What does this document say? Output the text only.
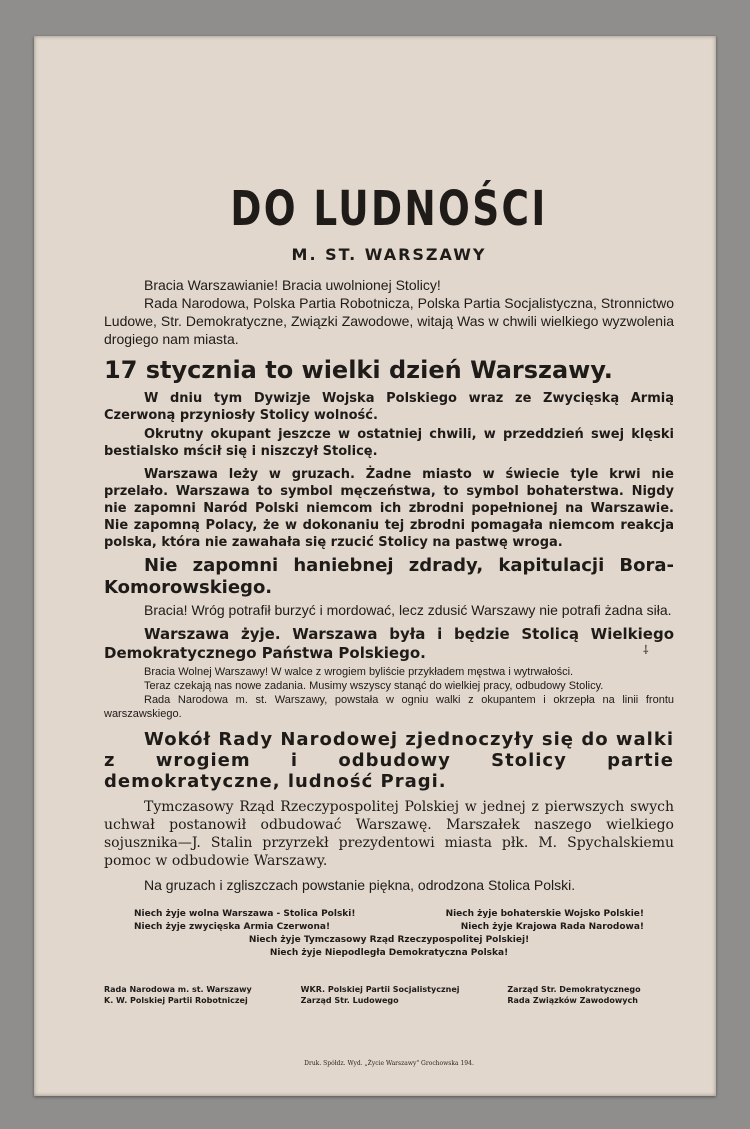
⸸
DO LUDNOŚCI
M. ST. WARSZAWY

Bracia Warszawianie! Bracia uwolnionej Stolicy!

Rada Narodowa, Polska Partia Robotnicza, Polska Partia Socjalistyczna, Stronnictwo Ludowe, Str. Demokratyczne, Związki Zawodowe, witają Was w chwili wielkiego wyzwolenia drogiego nam miasta.

17 stycznia to wielki dzień Warszawy.

W dniu tym Dywizje Wojska Polskiego wraz ze Zwycięską Armią Czerwoną przyniosły Stolicy wolność.

Okrutny okupant jeszcze w ostatniej chwili, w przeddzień swej klęski bestialsko mścił się i niszczył Stolicę.

Warszawa leży w gruzach. Żadne miasto w świecie tyle krwi nie przelało. Warszawa to symbol męczeństwa, to symbol bohaterstwa. Nigdy nie zapomni Naród Polski niemcom ich zbrodni popełnionej na Warszawie. Nie zapomną Polacy, że w dokonaniu tej zbrodni pomagała niemcom reakcja polska, która nie zawahała się rzucić Stolicy na pastwę wroga.

Nie zapomni haniebnej zdrady, kapitulacji Bora-Komorowskiego.

Bracia! Wróg potrafił burzyć i mordować, lecz zdusić Warszawy nie potrafi żadna siła.

Warszawa żyje. Warszawa była i będzie Stolicą Wielkiego Demokratycznego Państwa Polskiego.

Bracia Wolnej Warszawy! W walce z wrogiem byliście przykładem męstwa i wytrwałości.

Teraz czekają nas nowe zadania. Musimy wszyscy stanąć do wielkiej pracy, odbudowy Stolicy.

Rada Narodowa m. st. Warszawy, powstała w ogniu walki z okupantem i okrzepła na linii frontu warszawskiego.

Wokół Rady Narodowej zjednoczyły się do walki z wrogiem i odbudowy Stolicy partie demokratyczne, ludność Pragi.

Tymczasowy Rząd Rzeczypospolitej Polskiej w jednej z pierwszych swych uchwał postanowił odbudować Warszawę. Marszałek naszego wielkiego sojusznika—J. Stalin przyrzekł prezydentowi miasta płk. M. Spychalskiemu pomoc w odbudowie Warszawy.

Na gruzach i zgliszczach powstanie piękna, odrodzona Stolica Polski.

Niech żyje wolna Warszawa - Stolica Polski!	Niech żyje bohaterskie Wojsko Polskie!
Niech żyje zwycięska Armia Czerwona!	Niech żyje Krajowa Rada Narodowa!
Niech żyje Tymczasowy Rząd Rzeczypospolitej Polskiej!
Niech żyje Niepodległa Demokratyczna Polska!
Rada Narodowa m. st. Warszawy
K. W. Polskiej Partii Robotniczej
WKR. Polskiej Partii Socjalistycznej
Zarząd Str. Ludowego
Zarząd Str. Demokratycznego
Rada Związków Zawodowych
Druk. Spółdz. Wyd. „Życie Warszawy" Grochowska 194.
